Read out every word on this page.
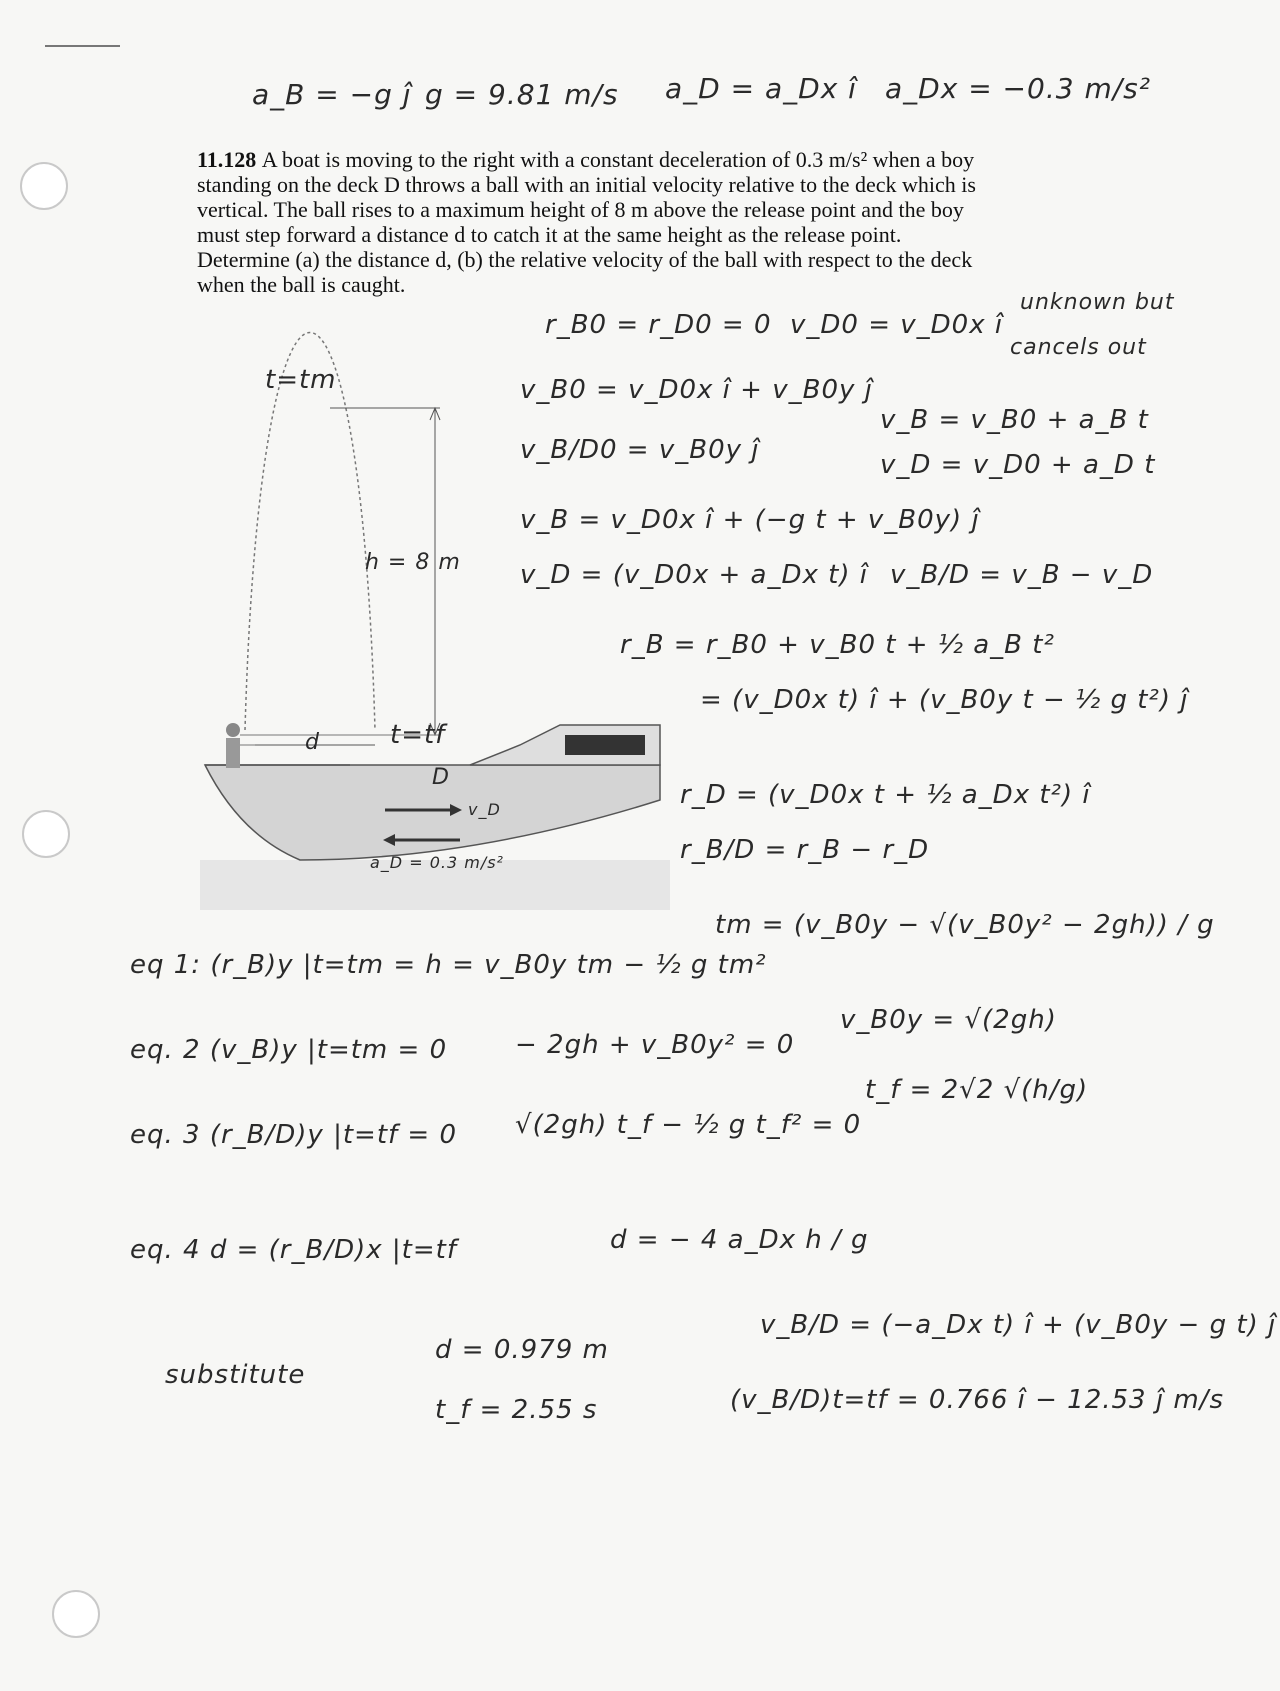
a_B = −g ĵ g = 9.81 m/s a_D = a_Dx î a_Dx = −0.3 m/s²

11.128 A boat is moving to the right with a constant deceleration of 0.3 m/s² when a boy

standing on the deck D throws a ball with an initial velocity relative to the deck which is

vertical. The ball rises to a maximum height of 8 m above the release point and the boy

must step forward a distance d to catch it at the same height as the release point.

Determine (a) the distance d, (b) the relative velocity of the ball with respect to the deck

when the ball is caught.

h = 8 m
d
D
v_D
a_D = 0.3 m/s²
t=tm
t=tf
r_B0 = r_D0 = 0 v_D0 = v_D0x î
unknown but
cancels out
v_B0 = v_D0x î + v_B0y ĵ
v_B = v_B0 + a_B t
v_B/D0 = v_B0y ĵ	v_D = v_D0 + a_D t
v_B = v_D0x î + (−g t + v_B0y) ĵ
v_D = (v_D0x + a_Dx t) î v_B/D = v_B − v_D
r_B = r_B0 + v_B0 t + ½ a_B t²
= (v_D0x t) î + (v_B0y t − ½ g t²) ĵ
r_D = (v_D0x t + ½ a_Dx t²) î
r_B/D = r_B − r_D
tm = (v_B0y − √(v_B0y² − 2gh)) / g
v_B0y = √(2gh)
t_f = 2√2 √(h/g)
eq 1: (r_B)y |t=tm = h = v_B0y tm − ½ g tm²
eq. 2 (v_B)y |t=tm = 0	− 2gh + v_B0y² = 0
eq. 3 (r_B/D)y |t=tf = 0 √(2gh) t_f − ½ g t_f² = 0
eq. 4 d = (r_B/D)x |t=tf	d = − 4 a_Dx h / g
substitute
d = 0.979 m
t_f = 2.55 s
v_B/D = (−a_Dx t) î + (v_B0y − g t) ĵ
(v_B/D)t=tf = 0.766 î − 12.53 ĵ m/s
